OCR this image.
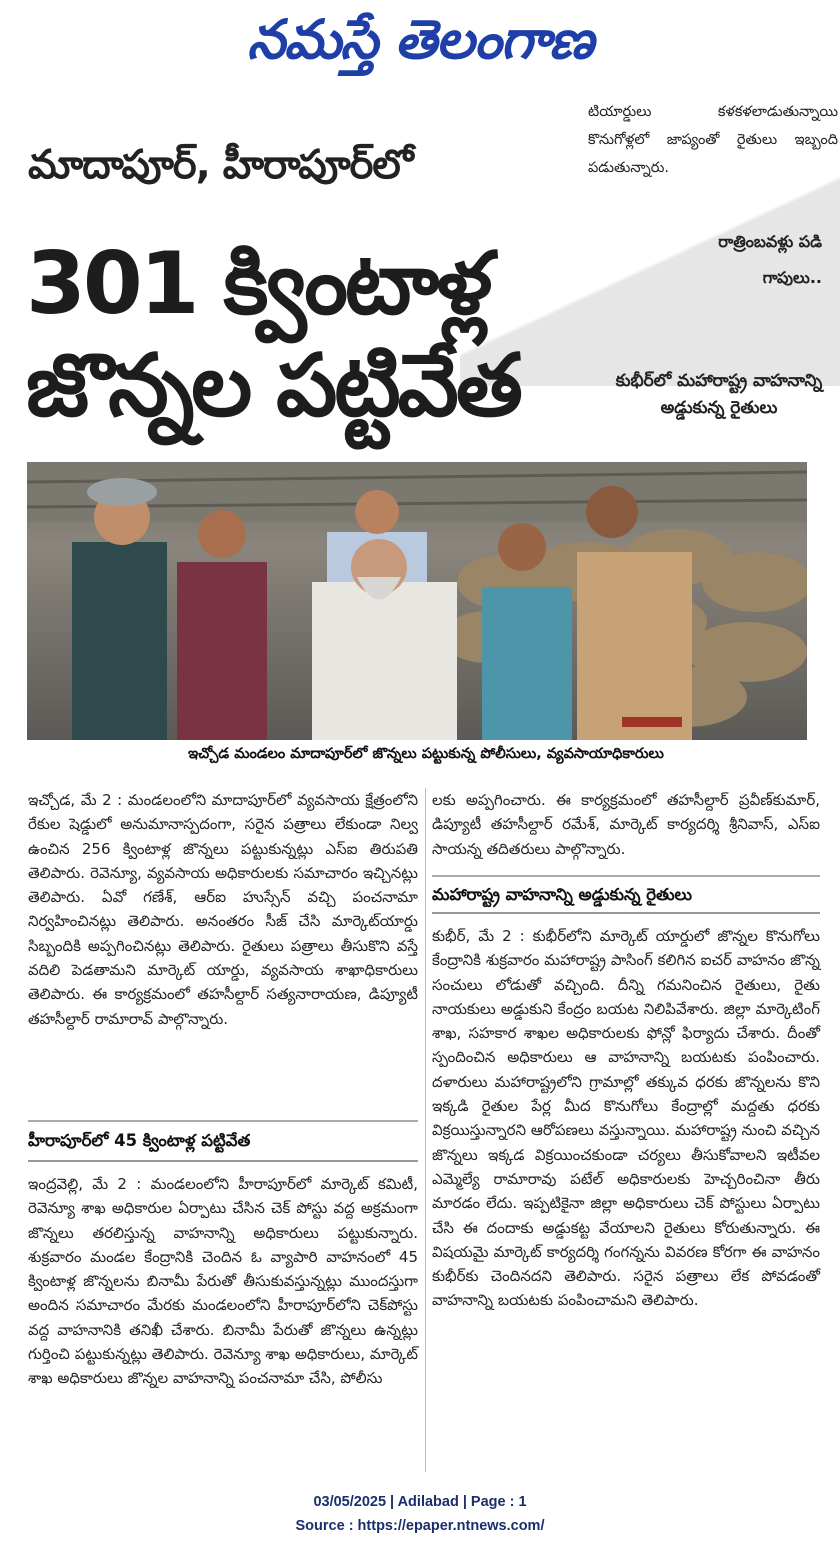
నమస్తే తెలంగాణ
టియార్డులు కళకళలాడుతున్నాయి కొనుగోళ్లలో జాప్యంతో రైతులు ఇబ్బంది పడుతున్నారు.
రాత్రింబవళ్లు పడి
గాపులు..
మాదాపూర్, హీరాపూర్‌లో
301 క్వింటాళ్ల
జొన్నల పట్టివేత	కుభీర్‌లో మహారాష్ట్ర వాహనాన్ని అడ్డుకున్న రైతులు
ఇచ్చోడ మండలం మాదాపూర్‌లో జొన్నలు పట్టుకున్న పోలీసులు, వ్యవసాయాధికారులు
ఇచ్చోడ, మే 2 : మండలంలోని మాదాపూర్‌లో వ్యవసాయ క్షేత్రంలోని రేకుల షెడ్డులో అనుమానాస్పదంగా, సరైన పత్రాలు లేకుండా నిల్వ ఉంచిన 256 క్వింటాళ్ల జొన్నలు పట్టుకున్నట్లు ఎస్‌ఐ తిరుపతి తెలిపారు. రెవెన్యూ, వ్యవసాయ అధికారులకు సమాచారం ఇచ్చినట్లు తెలిపారు. ఏవో గణేశ్, ఆర్‌ఐ హుస్సేన్ వచ్చి పంచనామా నిర్వహించినట్లు తెలిపారు. అనంతరం సీజ్ చేసి మార్కెట్‌యార్డు సిబ్బందికి అప్పగించినట్లు తెలిపారు. రైతులు పత్రాలు తీసుకొని వస్తే వదిలి పెడతామని మార్కెట్ యార్డు, వ్యవసాయ శాఖాధికారులు తెలిపారు. ఈ కార్యక్రమంలో తహసీల్దార్ సత్యనారాయణ, డిప్యూటీ తహసీల్దార్ రామారావ్ పాల్గొన్నారు.
హీరాపూర్‌లో 45 క్వింటాళ్ల పట్టివేత
ఇంద్రవెల్లి, మే 2 : మండలంలోని హీరాపూర్‌లో మార్కెట్ కమిటీ, రెవెన్యూ శాఖ అధికారుల ఏర్పాటు చేసిన చెక్ పోస్టు వద్ద అక్రమంగా జొన్నలు తరలిస్తున్న వాహనాన్ని అధికారులు పట్టుకున్నారు. శుక్రవారం మండల కేంద్రానికి చెందిన ఓ వ్యాపారి వాహనంలో 45 క్వింటాళ్ల జొన్నలను బినామీ పేరుతో తీసుకువస్తున్నట్లు ముందస్తుగా అందిన సమాచారం మేరకు మండలంలోని హీరాపూర్‌లోని చెక్‌పోస్టు వద్ద వాహనానికి తనిఖీ చేశారు. బినామీ పేరుతో జొన్నలు ఉన్నట్లు గుర్తించి పట్టుకున్నట్లు తెలిపారు. రెవెన్యూ శాఖ అధికారులు, మార్కెట్ శాఖ అధికారులు జొన్నల వాహనాన్ని పంచనామా చేసి, పోలీసు
లకు అప్పగించారు. ఈ కార్యక్రమంలో తహసీల్దార్ ప్రవీణ్‌కుమార్, డిప్యూటీ తహసీల్దార్ రమేశ్, మార్కెట్ కార్యదర్శి శ్రీనివాస్, ఎస్‌ఐ సాయన్న తదితరులు పాల్గొన్నారు.
మహారాష్ట్ర వాహనాన్ని అడ్డుకున్న రైతులు
కుభీర్, మే 2 : కుభీర్‌లోని మార్కెట్ యార్డులో జొన్నల కొనుగోలు కేంద్రానికి శుక్రవారం మహారాష్ట్ర పాసింగ్ కలిగిన ఐచర్ వాహనం జొన్న సంచులు లోడుతో వచ్చింది. దీన్ని గమనించిన రైతులు, రైతు నాయకులు అడ్డుకుని కేంద్రం బయట నిలిపివేశారు. జిల్లా మార్కెటింగ్ శాఖ, సహకార శాఖల అధికారులకు ఫోన్లో ఫిర్యాదు చేశారు. దీంతో స్పందించిన అధికారులు ఆ వాహనాన్ని బయటకు పంపించారు. దళారులు మహారాష్ట్రలోని గ్రామాల్లో తక్కువ ధరకు జొన్నలను కొని ఇక్కడి రైతుల పేర్ల మీద కొనుగోలు కేంద్రాల్లో మద్దతు ధరకు విక్రయిస్తున్నారని ఆరోపణలు వస్తున్నాయి. మహారాష్ట్ర నుంచి వచ్చిన జొన్నలు ఇక్కడ విక్రయించకుండా చర్యలు తీసుకోవాలని ఇటీవల ఎమ్మెల్యే రామారావు పటేల్ అధికారులకు హెచ్చరించినా తీరు మారడం లేదు. ఇప్పటికైనా జిల్లా అధికారులు చెక్ పోస్టులు ఏర్పాటు చేసి ఈ దందాకు అడ్డుకట్ట వేయాలని రైతులు కోరుతున్నారు. ఈ విషయమై మార్కెట్ కార్యదర్శి గంగన్నను వివరణ కోరగా ఈ వాహనం కుభీర్‌కు చెందినదని తెలిపారు. సరైన పత్రాలు లేక పోవడంతో వాహనాన్ని బయటకు పంపించామని తెలిపారు.
03/05/2025 | Adilabad | Page : 1
Source : https://epaper.ntnews.com/
